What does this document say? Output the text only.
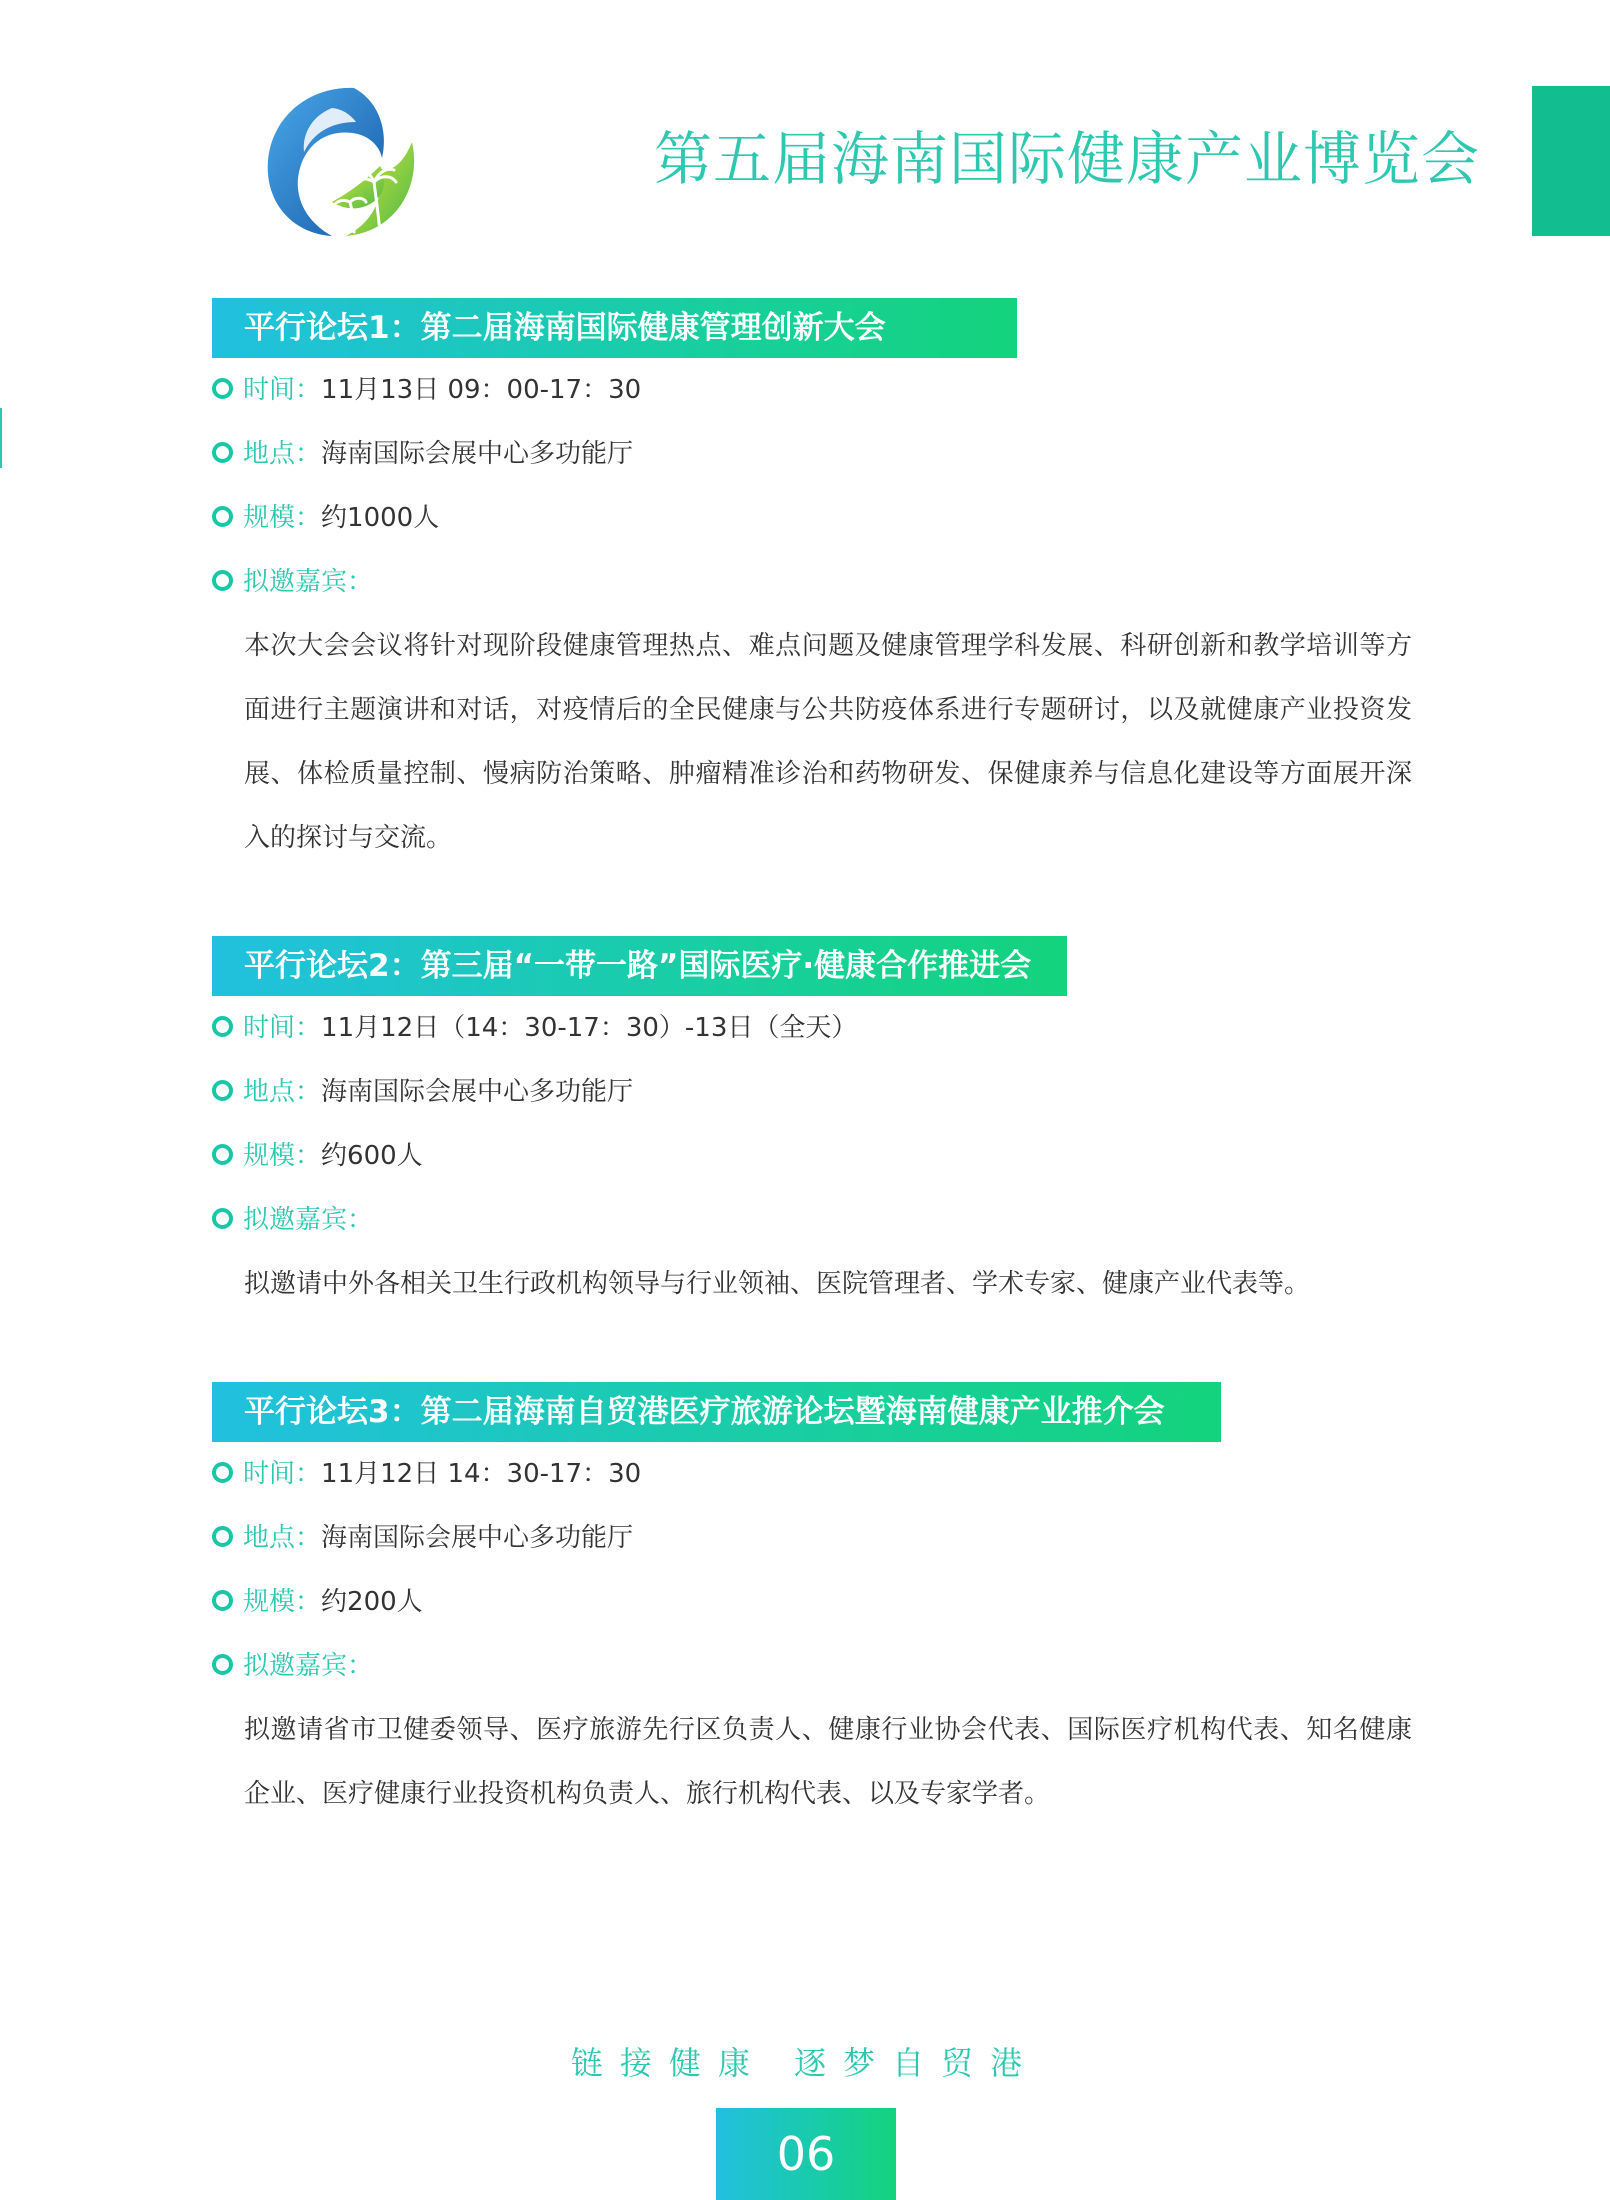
第五届海南国际健康产业博览会
平行论坛1：第二届海南国际健康管理创新大会
时间：11月13日 09：00-17：30
地点：海南国际会展中心多功能厅
规模：约1000人
拟邀嘉宾：
本次大会会议将针对现阶段健康管理热点、难点问题及健康管理学科发展、科研创新和教学培训等方面进行主题演讲和对话，对疫情后的全民健康与公共防疫体系进行专题研讨，以及就健康产业投资发展、体检质量控制、慢病防治策略、肿瘤精准诊治和药物研发、保健康养与信息化建设等方面展开深入的探讨与交流。
平行论坛2：第三届“一带一路”国际医疗·健康合作推进会
时间：11月12日（14：30-17：30）-13日（全天）
地点：海南国际会展中心多功能厅
规模：约600人
拟邀嘉宾：
拟邀请中外各相关卫生行政机构领导与行业领袖、医院管理者、学术专家、健康产业代表等。
平行论坛3：第二届海南自贸港医疗旅游论坛暨海南健康产业推介会
时间：11月12日 14：30-17：30
地点：海南国际会展中心多功能厅
规模：约200人
拟邀嘉宾：
拟邀请省市卫健委领导、医疗旅游先行区负责人、健康行业协会代表、国际医疗机构代表、知名健康企业、医疗健康行业投资机构负责人、旅行机构代表、以及专家学者。
链接健康 逐梦自贸港
06
